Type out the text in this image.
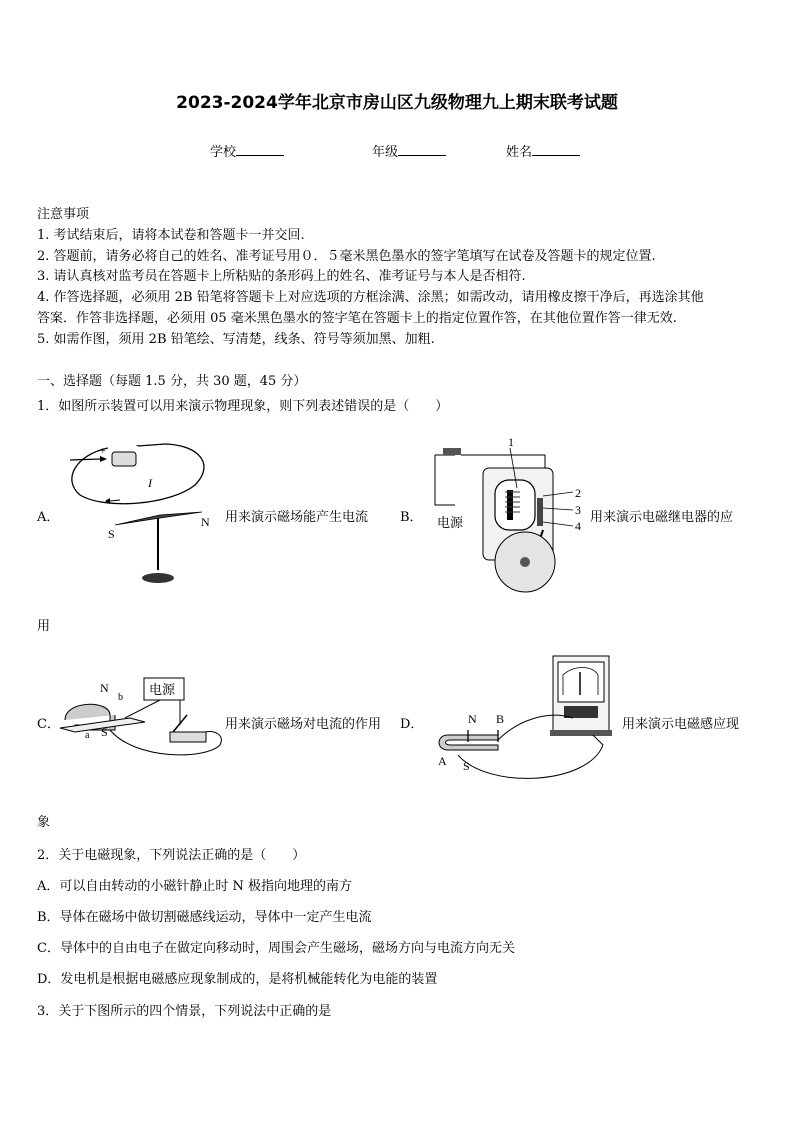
2023-2024学年北京市房山区九级物理九上期末联考试题
学校	年级	姓名
注意事项
1. 考试结束后，请将本试卷和答题卡一并交回.
2. 答题前，请务必将自己的姓名、准考证号用０．５毫米黑色墨水的签字笔填写在试卷及答题卡的规定位置.
3. 请认真核对监考员在答题卡上所粘贴的条形码上的姓名、准考证号与本人是否相符.
4. 作答选择题，必须用 2B 铅笔将答题卡上对应选项的方框涂满、涂黑；如需改动，请用橡皮擦干净后，再选涂其他
答案．作答非选择题，必须用 05 毫米黑色墨水的签字笔在答题卡上的指定位置作答，在其他位置作答一律无效.
5. 如需作图，须用 2B 铅笔绘、写清楚，线条、符号等须加黑、加粗.
一、选择题（每题 1.5 分，共 30 题，45 分）
1．如图所示装置可以用来演示物理现象，则下列表述错误的是（　　）
A．
+
-
I
S
N 用来演示磁场能产生电流 B．
1
2
3
4
电源	用来演示电磁继电器的应
用
C．
电源
N
b
a S	用来演示磁场对电流的作用 D．	N B
A S
用来演示电磁感应现
象
2．关于电磁现象，下列说法正确的是（　　）
A．可以自由转动的小磁针静止时 N 极指向地理的南方
B．导体在磁场中做切割磁感线运动，导体中一定产生电流
C．导体中的自由电子在做定向移动时，周围会产生磁场，磁场方向与电流方向无关
D．发电机是根据电磁感应现象制成的，是将机械能转化为电能的装置
3．关于下图所示的四个情景，下列说法中正确的是
